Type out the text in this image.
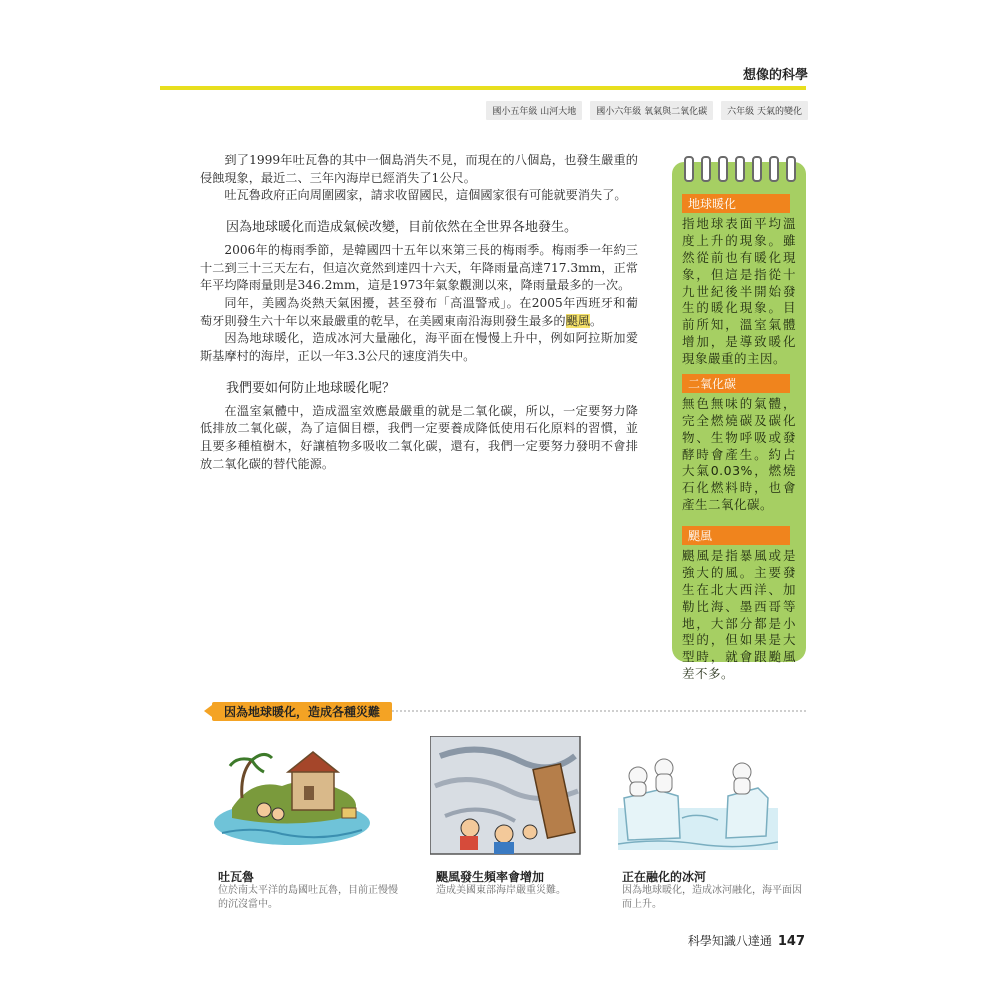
想像的科學
國小五年級 山河大地	國小六年級 氧氣與二氧化碳	六年級 天氣的變化

到了1999年吐瓦魯的其中一個島消失不見，而現在的八個島，也發生嚴重的侵蝕現象，最近二、三年內海岸已經消失了1公尺。

吐瓦魯政府正向周圍國家，請求收留國民，這個國家很有可能就要消失了。

因為地球暖化而造成氣候改變，目前依然在全世界各地發生。

2006年的梅雨季節，是韓國四十五年以來第三長的梅雨季。梅雨季一年約三十二到三十三天左右，但這次竟然到達四十六天，年降雨量高達717.3mm，正常年平均降雨量則是346.2mm，這是1973年氣象觀測以來，降雨量最多的一次。

同年，美國為炎熱天氣困擾，甚至發布「高溫警戒」。在2005年西班牙和葡萄牙則發生六十年以來最嚴重的乾旱，在美國東南沿海則發生最多的颶風。

因為地球暖化，造成冰河大量融化，海平面在慢慢上升中，例如阿拉斯加愛斯基摩村的海岸，正以一年3.3公尺的速度消失中。

我們要如何防止地球暖化呢？

在溫室氣體中，造成溫室效應最嚴重的就是二氧化碳，所以，一定要努力降低排放二氧化碳，為了這個目標，我們一定要養成降低使用石化原料的習慣，並且要多種植樹木，好讓植物多吸收二氧化碳，還有，我們一定要努力發明不會排放二氧化碳的替代能源。

地球暖化
指地球表面平均溫度上升的現象。雖然從前也有暖化現象，但這是指從十九世紀後半開始發生的暖化現象。目前所知，溫室氣體增加，是導致暖化現象嚴重的主因。
二氧化碳
無色無味的氣體，完全燃燒碳及碳化物、生物呼吸或發酵時會產生。約占大氣0.03%，燃燒石化燃料時，也會產生二氧化碳。
颶風
颶風是指暴風或是強大的風。主要發生在北大西洋、加勒比海、墨西哥等地，大部分都是小型的，但如果是大型時，就會跟颱風差不多。
因為地球暖化，造成各種災難
吐瓦魯
位於南太平洋的島國吐瓦魯，目前正慢慢的沉沒當中。
颶風發生頻率會增加
造成美國東部海岸嚴重災難。
正在融化的冰河
因為地球暖化，造成冰河融化，海平面因而上升。
科學知識八達通 147
